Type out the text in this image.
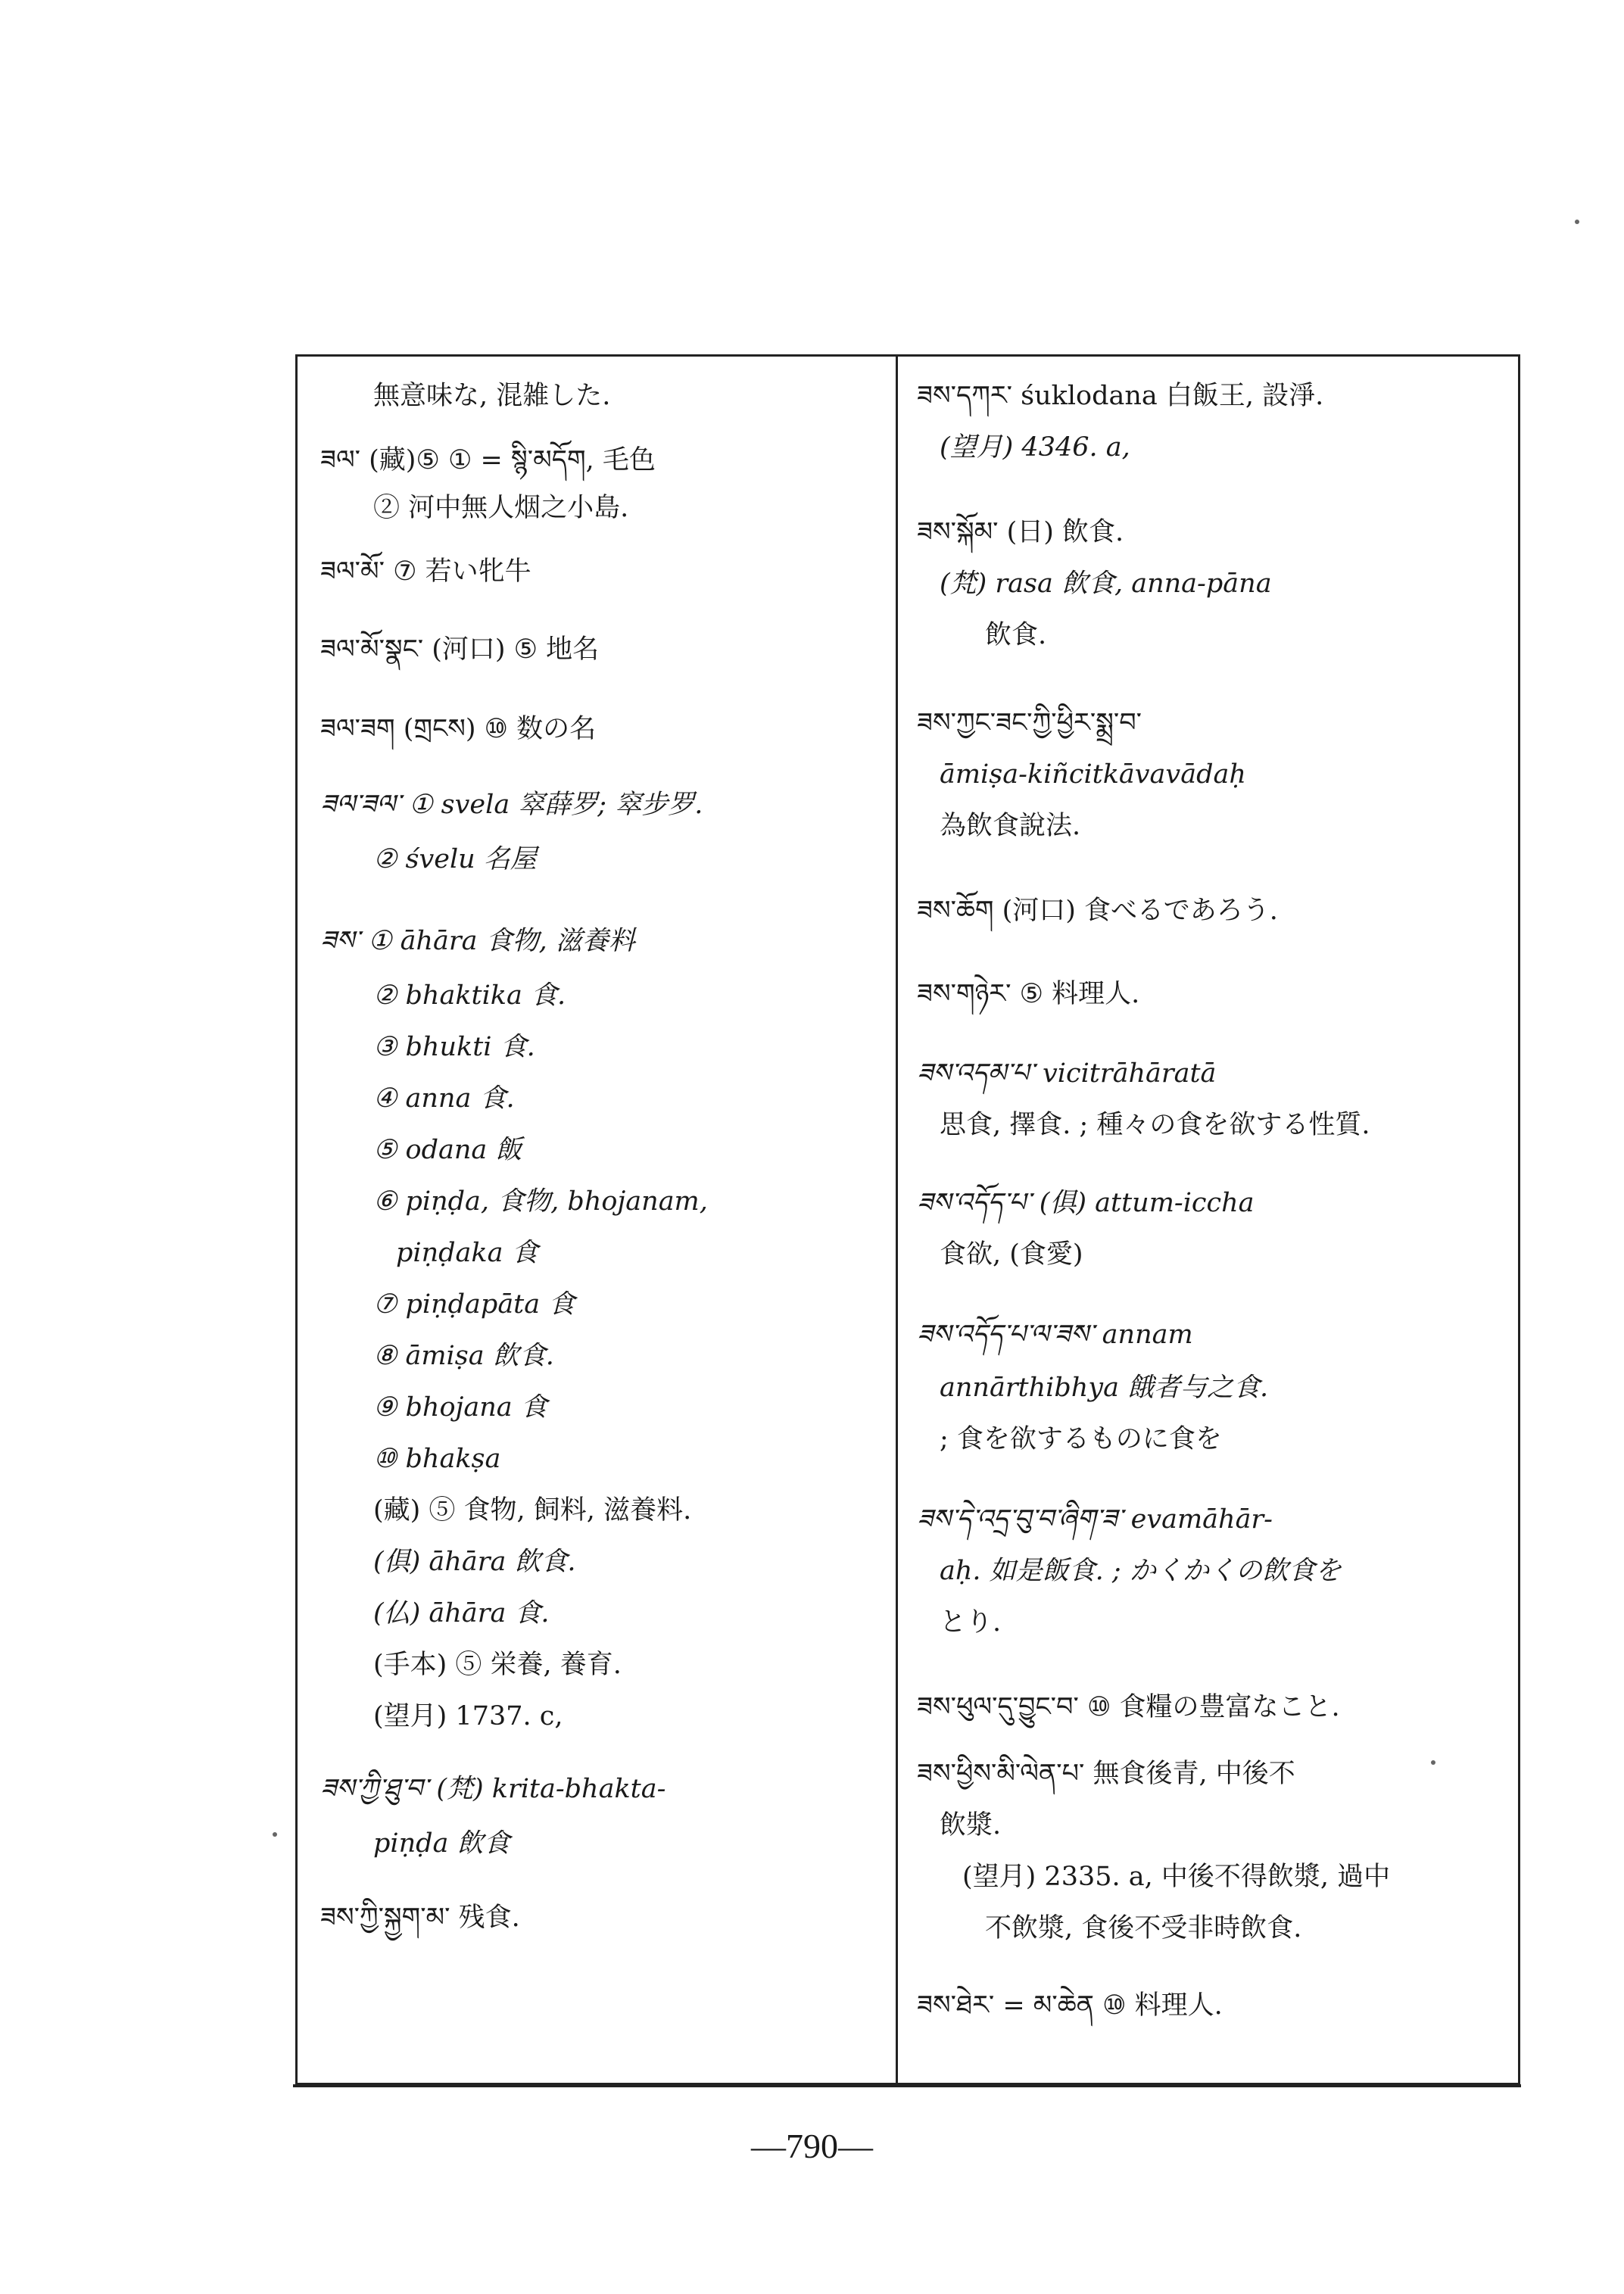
無意味な, 混雑した.
ཟལ་ (藏)⑤ ① = སྙི་མདོག, 毛色
② 河中無人烟之小島.
ཟལ་མོ་ ⑦ 若い牝牛
ཟལ་མོ་སྣང་ (河口) ⑤ 地名
ཟལ་ཟག (གྲངས) ⑩ 数の名
ཟལ་ཟལ་ ① svela 窣薛罗; 窣步罗.
② śvelu 名屋
ཟས་ ① āhāra 食物, 滋養料
② bhaktika 食.
③ bhukti 食.
④ anna 食.
⑤ odana 飯
⑥ piṇḍa, 食物, bhojanam,
piṇḍaka 食
⑦ piṇḍapāta 食
⑧ āmiṣa 飲食.
⑨ bhojana 食
⑩ bhakṣa
(藏) ⑤ 食物, 飼料, 滋養料.
(俱) āhāra 飲食.
(仏) āhāra 食.
(手本) ⑤ 栄養, 養育.
(望月) 1737. c,
ཟས་ཀྱི་ཐུ་བ་ (梵) krita-bhakta-
piṇḍa 飲食
ཟས་ཀྱི་སྐྱག་མ་ 残食.
ཟས་དཀར་ śuklodana 白飯王, 設淨.
(望月) 4346. a,
ཟས་སྐོམ་ (日) 飲食.
(梵) rasa 飲食, anna-pāna
飲食.
ཟས་ཀྱང་ཟང་ཀྱི་ཕྱིར་སྨྲ་བ་
āmiṣa-kiñcitkāvavādaḥ
為飲食說法.
ཟས་ཆོག (河口) 食べるであろう.
ཟས་གཉེར་ ⑤ 料理人.
ཟས་འདམ་པ་ vicitrāhāratā
思食, 擇食. ; 種々の食を欲する性質.
ཟས་འདོད་པ་ (俱) attum-iccha
食欲, (食愛)
ཟས་འདོད་པ་ལ་ཟས་ annam
annārthibhya 餓者与之食.
; 食を欲するものに食を
ཟས་དེ་འདྲ་བུ་བ་ཞིག་ཟ་ evamāhār-
aḥ. 如是飯食. ; かくかくの飲食を
とり.
ཟས་ཕུལ་དུ་བྱུང་བ་ ⑩ 食糧の豊富なこと.
ཟས་ཕྱིས་མི་ལེན་པ་ 無食後青, 中後不
飲漿.
(望月) 2335. a, 中後不得飲漿, 過中
不飲漿, 食後不受非時飲食.
ཟས་ཐེར་ = མ་ཆེན ⑩ 料理人.
—790—
